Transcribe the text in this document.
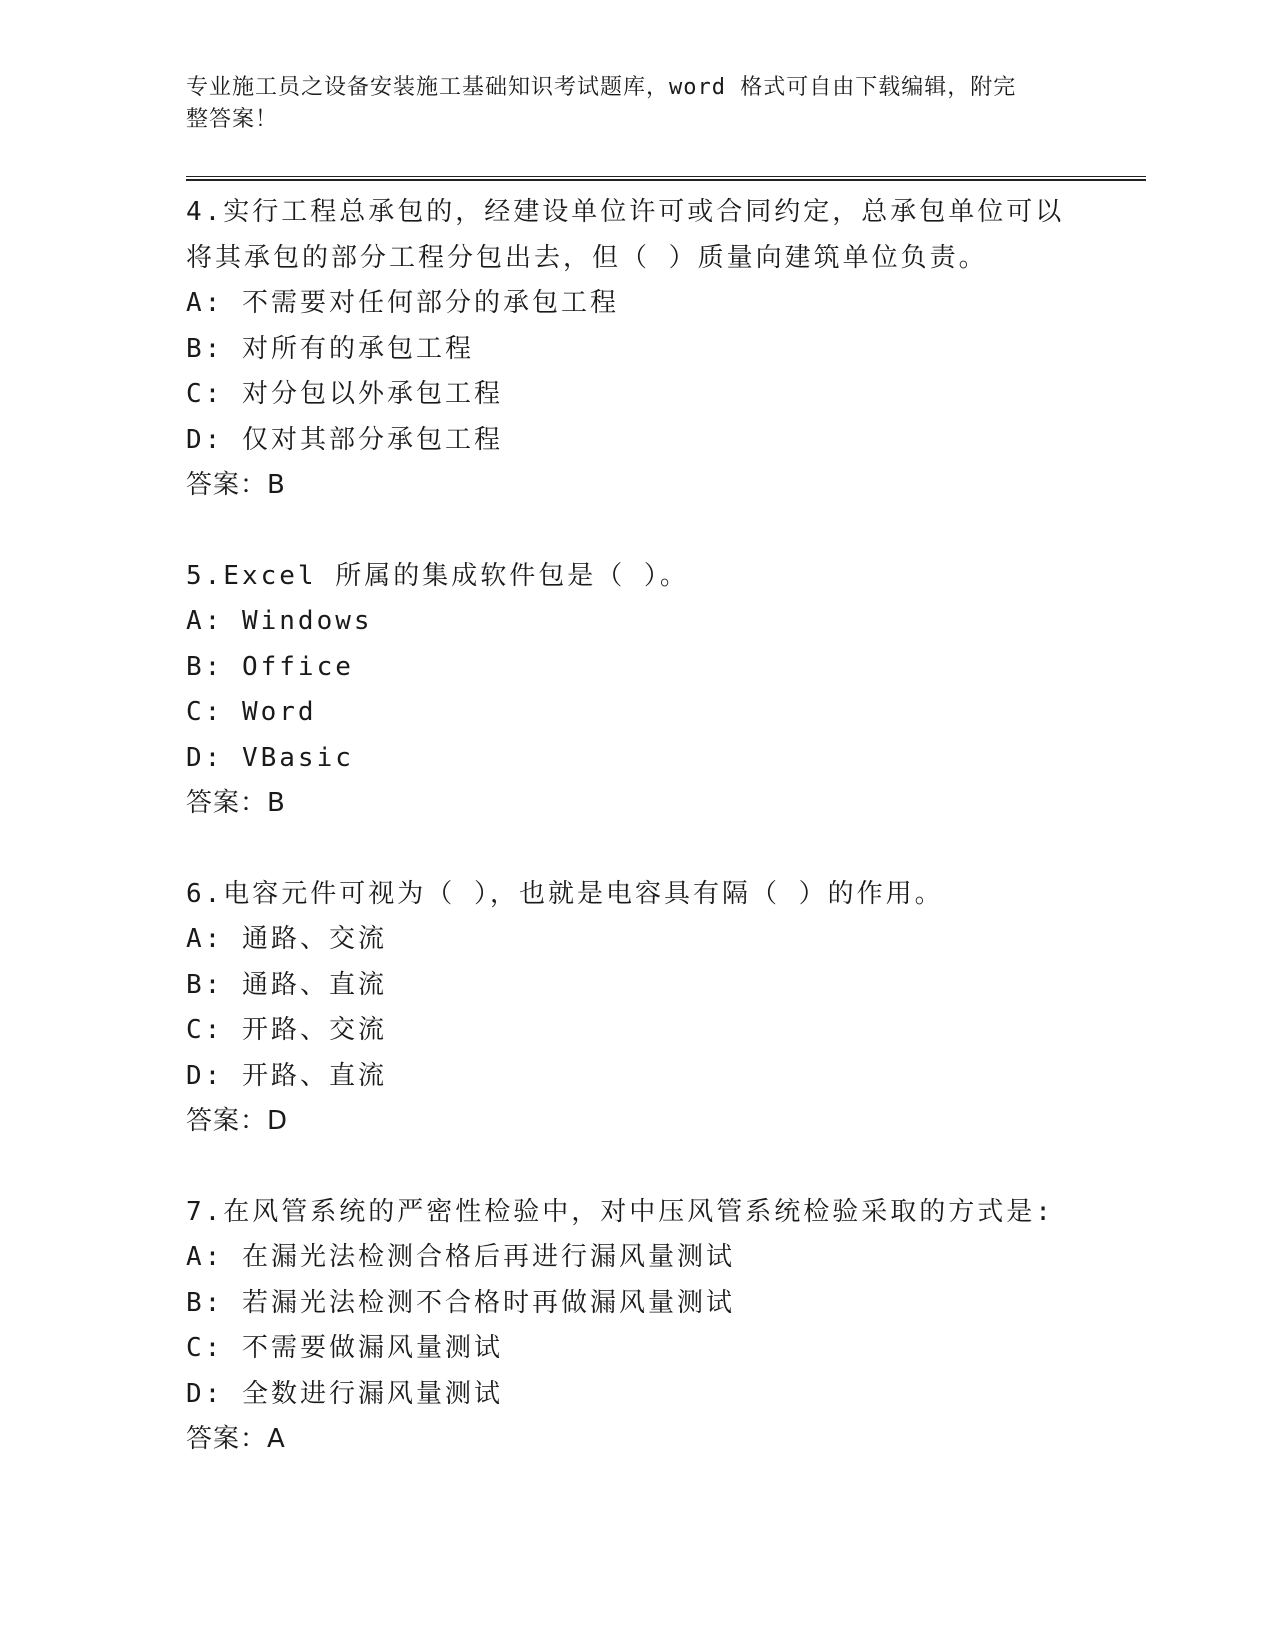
专业施工员之设备安装施工基础知识考试题库，word 格式可自由下载编辑，附完
整答案！
4.实行工程总承包的，经建设单位许可或合同约定，总承包单位可以
将其承包的部分工程分包出去，但（ ）质量向建筑单位负责。
A: 不需要对任何部分的承包工程
B: 对所有的承包工程
C: 对分包以外承包工程
D: 仅对其部分承包工程
答案：B
5.Excel 所属的集成软件包是（ ）。
A: Windows
B: Office
C: Word
D: VBasic
答案：B
6.电容元件可视为（ ），也就是电容具有隔（ ）的作用。
A: 通路、交流
B: 通路、直流
C: 开路、交流
D: 开路、直流
答案：D
7.在风管系统的严密性检验中，对中压风管系统检验采取的方式是:
A: 在漏光法检测合格后再进行漏风量测试
B: 若漏光法检测不合格时再做漏风量测试
C: 不需要做漏风量测试
D: 全数进行漏风量测试
答案：A
